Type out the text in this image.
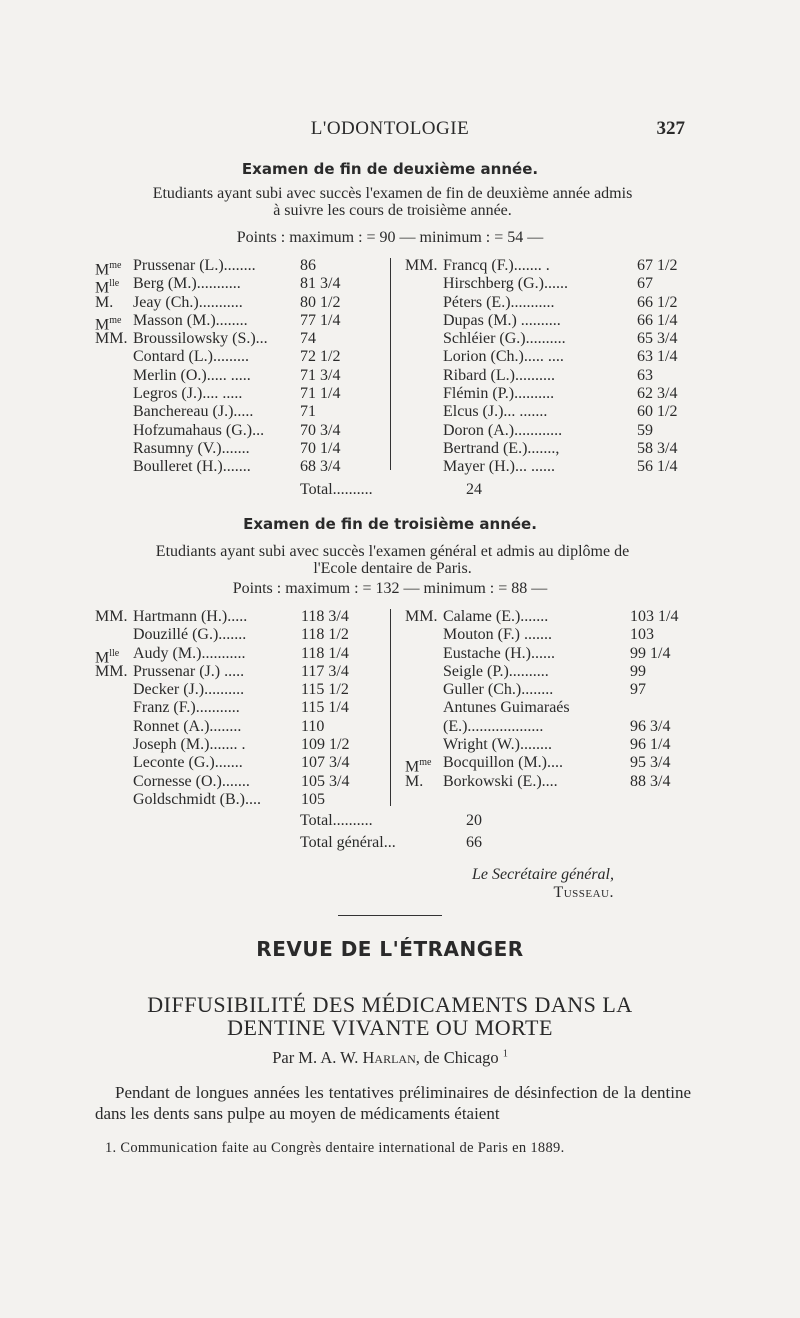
L'ODONTOLOGIE	327
Examen de fin de deuxième année.
Etudiants ayant subi avec succès l'examen de fin de deuxième année admis
à suivre les cours de troisième année.
Points : maximum : = 90 — minimum : = 54 —
$M^{me}$ Prussenar (L.)........	86
$M^{lle}$ Berg (M.)...........	81 3/4
M. Jeay (Ch.)...........	80 1/2
$M^{me}$ Masson (M.)........	77 1/4
MM. Broussilowsky (S.)... 74
Contard (L.).........	72 1/2
Merlin (O.)..... .....	71 3/4
Legros (J.).... .....	71 1/4
Banchereau (J.).....	71
Hofzumahaus (G.)... 70 3/4
Rasumny (V.).......	70 1/4
Boulleret (H.).......	68 3/4
MM. Francq (F.)....... .	67 1/2
Hirschberg (G.)......	67
Péters (E.)...........	66 1/2
Dupas (M.) ..........	66 1/4
Schléier (G.)..........	65 3/4
Lorion (Ch.)..... ....	63 1/4
Ribard (L.)..........	63
Flémin (P.)..........	62 3/4
Elcus (J.)... .......	60 1/2
Doron (A.)............	59
Bertrand (E.).......,	58 3/4
Mayer (H.)... ......	56 1/4
Total..........	24
Examen de fin de troisième année.
Etudiants ayant subi avec succès l'examen général et admis au diplôme de
l'Ecole dentaire de Paris.
Points : maximum : = 132 — minimum : = 88 —
MM. Hartmann (H.).....	118 3/4
Douzillé (G.).......	118 1/2
$M^{lle}$ Audy (M.)...........	118 1/4
MM. Prussenar (J.) .....	117 3/4
Decker (J.)..........	115 1/2
Franz (F.)...........	115 1/4
Ronnet (A.)........	110
Joseph (M.)....... .	109 1/2
Leconte (G.).......	107 3/4
Cornesse (O.).......	105 3/4
Goldschmidt (B.)....	105
MM. Calame (E.).......	103 1/4
Mouton (F.) .......	103
Eustache (H.)......	99 1/4
Seigle (P.)..........	99
Guller (Ch.)........	97
Antunes Guimaraés
(E.)...................	96 3/4
Wright (W.)........	96 1/4
$M^{me}$ Bocquillon (M.)....	95 3/4
M. Borkowski (E.)....	88 3/4
Total..........	20
Total général...	66
Le Secrétaire général,
Tusseau.
REVUE DE L'ÉTRANGER
DIFFUSIBILITÉ DES MÉDICAMENTS DANS LA
DENTINE VIVANTE OU MORTE
Par M. A. W. Harlan, de Chicago $^1$
Pendant de longues années les tentatives préliminaires de désinfection de la dentine dans les dents sans pulpe au moyen de médicaments étaient
1. Communication faite au Congrès dentaire international de Paris en 1889.
